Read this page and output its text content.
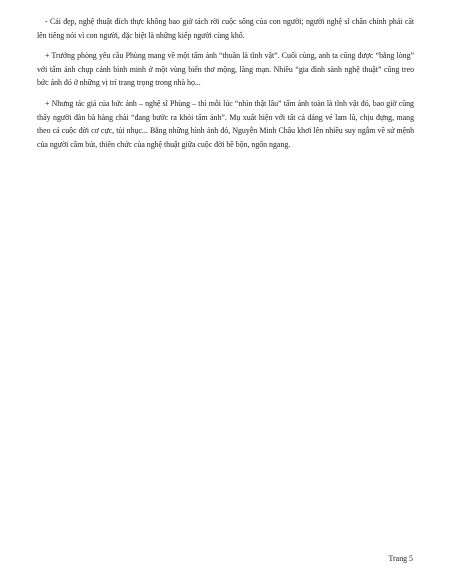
- Cái đẹp, nghệ thuật đích thực không bao giờ tách rời cuộc sống của con người; người nghệ sĩ chân chính phải cất lên tiếng nói vì con người, đặc biệt là những kiếp người cùng khổ.

+ Trưởng phòng yêu cầu Phùng mang về một tấm ảnh “thuần là tĩnh vật”. Cuối cùng, anh ta cũng được “bằng lòng” với tấm ảnh chụp cảnh bình minh ở một vùng biển thơ mộng, lãng mạn. Nhiều “gia đình sành nghệ thuật” cũng treo bức ảnh đó ở những vị trí trang trọng trong nhà họ...

+ Nhưng tác giả của bức ảnh – nghệ sĩ Phùng – thì mỗi lúc “nhìn thật lâu” tấm ảnh toàn là tĩnh vật đó, bao giờ cũng thấy người đàn bà hàng chài “đang bước ra khỏi tấm ảnh”. Mụ xuất hiện với tất cả dáng vẻ lam lũ, chịu đựng, mang theo cả cuộc đời cơ cực, tủi nhục... Bằng những hình ảnh đó, Nguyễn Minh Châu khơi lên nhiều suy ngẫm về sứ mệnh của người cầm bút, thiên chức của nghệ thuật giữa cuộc đời bề bộn, ngổn ngang.

Trang 5
